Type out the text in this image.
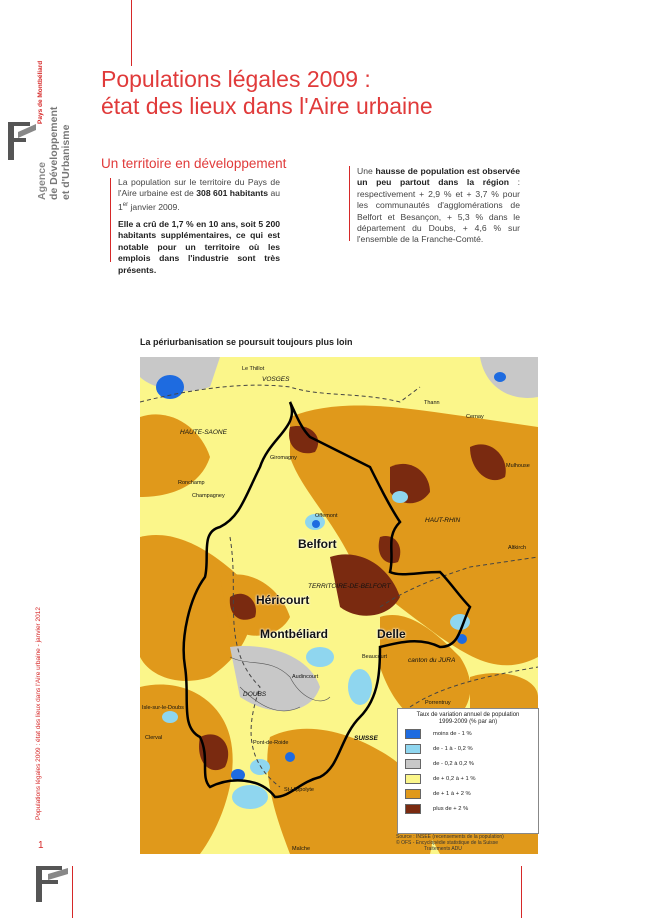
Agence de Développement et d'Urbanisme
Pays de Montbéliard Populations légales 2009 :
état des lieux dans l'Aire urbaine
Un territoire en développement

La population sur le territoire du Pays de l'Aire urbaine est de 308 601 habitants au 1er janvier 2009.

Elle a crû de 1,7 % en 10 ans, soit 5 200 habitants supplémentaires, ce qui est notable pour un territoire où les emplois dans l'industrie sont très présents.

Une hausse de population est observée un peu partout dans la région : respectivement + 2,9 % et + 3,7 % pour les communautés d'agglomérations de Belfort et Besançon, + 5,3 % dans le département du Doubs, + 4,6 % sur l'ensemble de la Franche-Comté.

La périurbanisation se poursuit toujours plus loin
VOSGES
HAUTE-SAONE
HAUT-RHIN
TERRITOIRE-DE-BELFORT
DOUBS
SUISSE
canton du JURA
Belfort
Héricourt
Montbéliard	Delle
Le Thillot
Thann
Cernay
Giromagny
Ronchamp
Champagney
Offemont
Mulhouse
Altkirch
Beaucourt
Audincourt
Porrentruy
Isle-sur-le-Doubs
Clerval
Pont-de-Roide
St-Hippolyte
Maîche
Taux de variation annuel de population
1999-2009 (% par an)
moins de - 1 %
de - 1 à - 0,2 %
de - 0,2 à 0,2 %
de + 0,2 à + 1 %
de + 1 à + 2 %
plus de + 2 %
Source : INSEE (recensements de la population)
© OFS - Encyclopédie statistique de la Suisse
Traitements ADU
Populations légales 2009 : état des lieux dans l'Aire urbaine - janvier 2012
1
